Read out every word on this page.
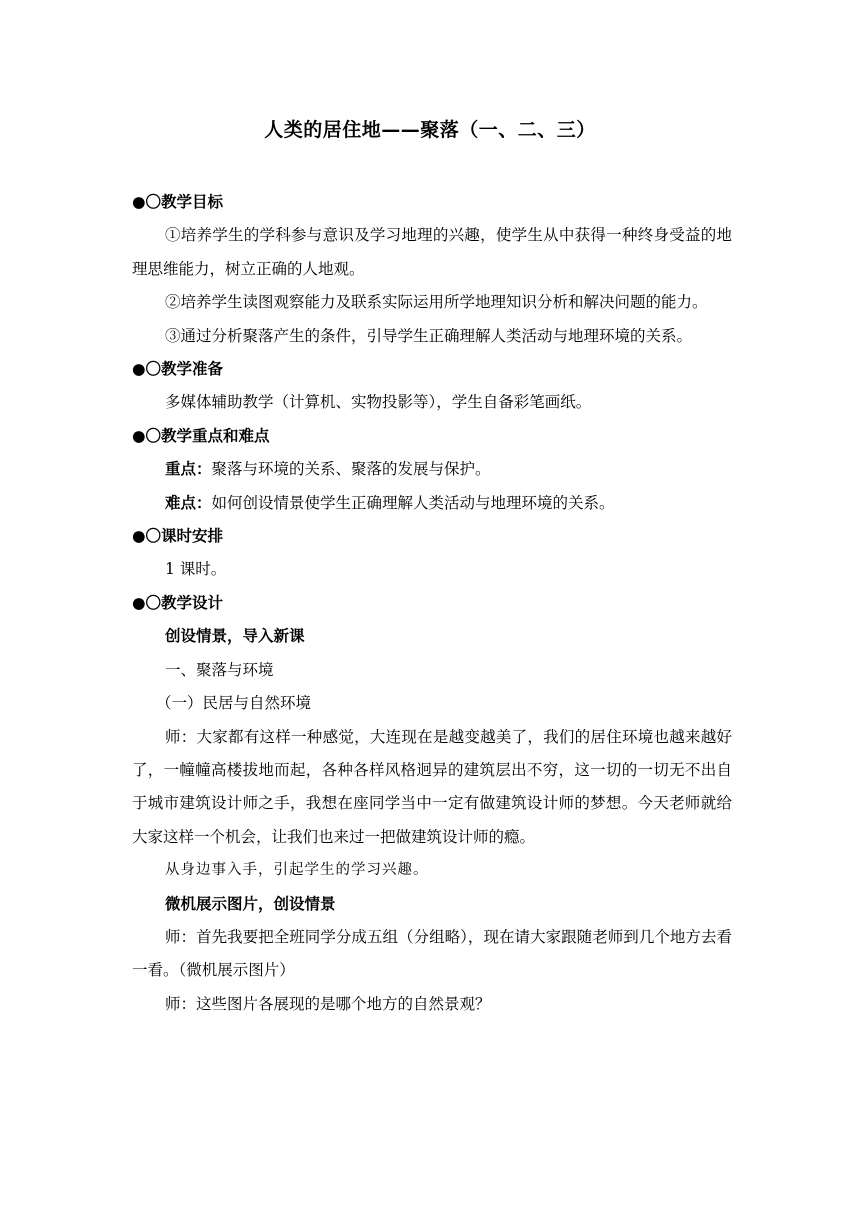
人类的居住地——聚落（一、二、三）

●〇教学目标

①培养学生的学科参与意识及学习地理的兴趣，使学生从中获得一种终身受益的地理思维能力，树立正确的人地观。

②培养学生读图观察能力及联系实际运用所学地理知识分析和解决问题的能力。

③通过分析聚落产生的条件，引导学生正确理解人类活动与地理环境的关系。

●〇教学准备

多媒体辅助教学（计算机、实物投影等），学生自备彩笔画纸。

●〇教学重点和难点

重点：聚落与环境的关系、聚落的发展与保护。

难点：如何创设情景使学生正确理解人类活动与地理环境的关系。

●〇课时安排

1 课时。

●〇教学设计

创设情景，导入新课

一、聚落与环境

（一）民居与自然环境

师：大家都有这样一种感觉，大连现在是越变越美了，我们的居住环境也越来越好了，一幢幢高楼拔地而起，各种各样风格迥异的建筑层出不穷，这一切的一切无不出自于城市建筑设计师之手，我想在座同学当中一定有做建筑设计师的梦想。今天老师就给大家这样一个机会，让我们也来过一把做建筑设计师的瘾。

从身边事入手，引起学生的学习兴趣。

微机展示图片，创设情景

师：首先我要把全班同学分成五组（分组略），现在请大家跟随老师到几个地方去看一看。（微机展示图片）

师：这些图片各展现的是哪个地方的自然景观？
